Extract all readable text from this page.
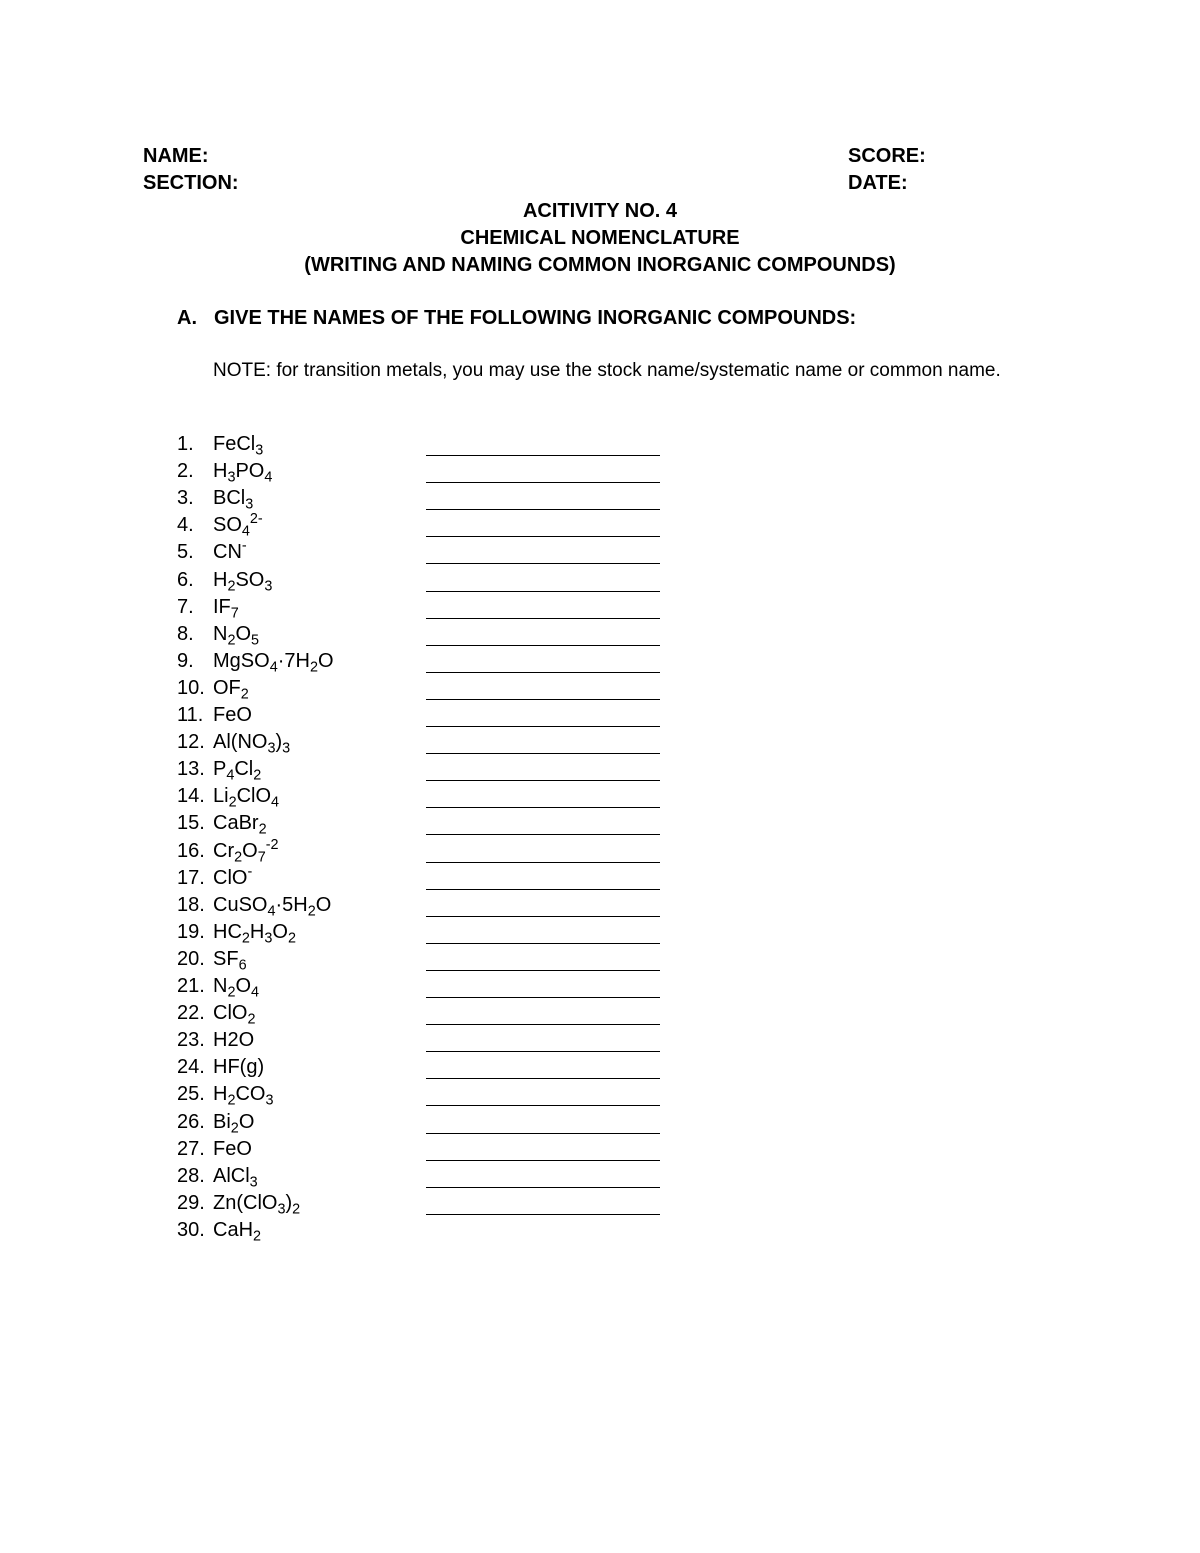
NAME:
SECTION:
SCORE:
DATE:
ACITIVITY NO. 4
CHEMICAL NOMENCLATURE
(WRITING AND NAMING COMMON INORGANIC COMPOUNDS)
A. GIVE THE NAMES OF THE FOLLOWING INORGANIC COMPOUNDS:
NOTE: for transition metals, you may use the stock name/systematic name or common name.
1. FeCl$_3$
2. $H_3PO_4$
3. BCl$_3$
4. $SO_4^{2-}$
5. CN-
6. $H_2SO_3$
7. $IF_7$
8. $N_2O_5$
9. $MgSO_4\cdot 7H_2O$
10. $OF_2$
11. FeO
12. $Al(NO_3)_3$
13. $P_4Cl_2$
14. $Li_2ClO_4$
15. CaBr$_2$
16. $Cr_2O_7^{-2}$
17. ClO-
18. $CuSO_4\cdot 5H_2O$
19. $HC_2H_3O_2$
20. $SF_6$
21. $N_2O_4$
22. ClO$_2$
23. H2O
24. HF(g)
25. $H_2CO_3$
26. $Bi_2O$
27. FeO
28. AlCl$_3$
29. $Zn(ClO_3)_2$
30. CaH$_2$
